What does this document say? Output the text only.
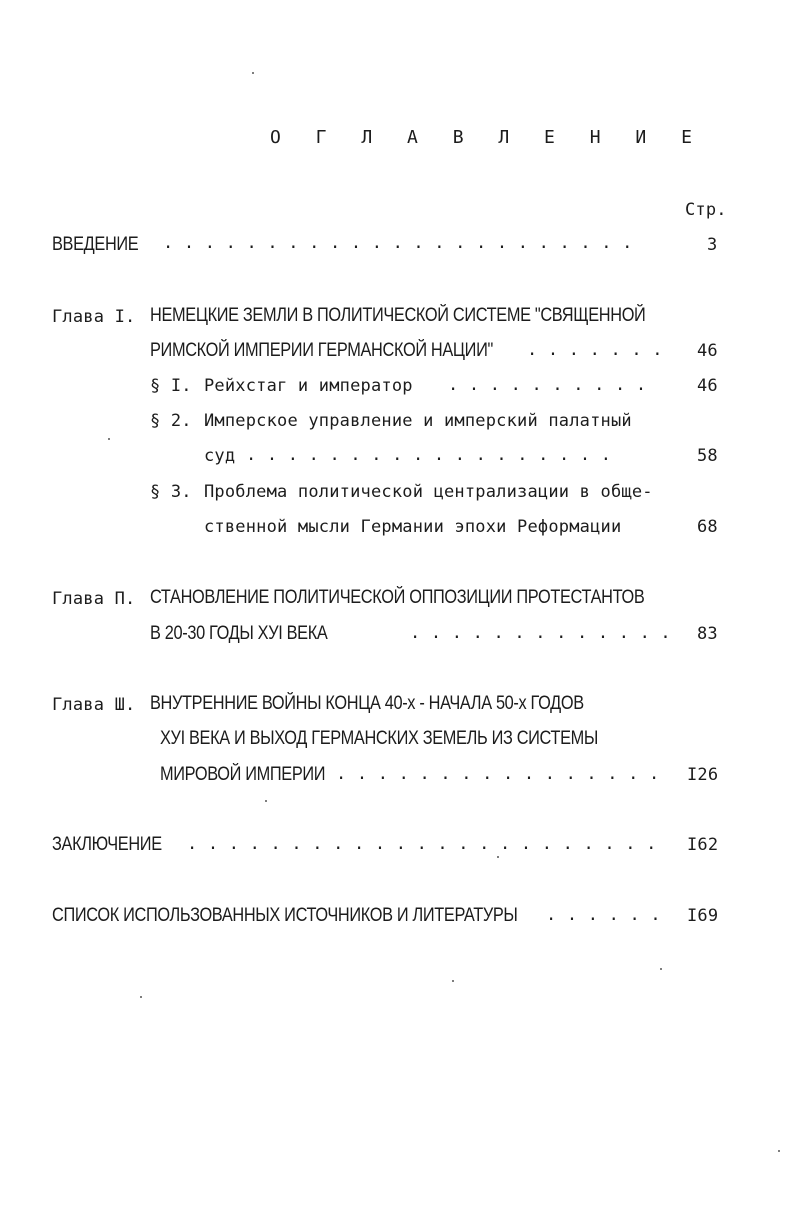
О Г Л А В Л Е Н И Е
Стр.
ВВЕДЕНИЕ . . . . . . . . . . . . . . . . . . . . . . .	3
Глава I. НЕМЕЦКИЕ ЗЕМЛИ В ПОЛИТИЧЕСКОЙ СИСТЕМЕ "СВЯЩЕННОЙ
РИМСКОЙ ИМПЕРИИ ГЕРМАНСКОЙ НАЦИИ" . . . . . . . 46
§ I. Рейхстаг и император . . . . . . . . . .	46
§ 2. Имперское управление и имперский палатный
суд . . . . . . . . . . . . . . . . . .	58
§ 3. Проблема политической централизации в обще-
ственной мысли Германии эпохи Реформации	68
Глава П. СТАНОВЛЕНИЕ ПОЛИТИЧЕСКОЙ ОППОЗИЦИИ ПРОТЕСТАНТОВ
В 20-30 ГОДЫ ХУI ВЕКА	. . . . . . . . . . . . . 83
Глава Ш. ВНУТРЕННИЕ ВОЙНЫ КОНЦА 40-х - НАЧАЛА 50-х ГОДОВ
ХУI ВЕКА И ВЫХОД ГЕРМАНСКИХ ЗЕМЕЛЬ ИЗ СИСТЕМЫ
МИРОВОЙ ИМПЕРИИ . . . . . . . . . . . . . . . . I26
ЗАКЛЮЧЕНИЕ . . . . . . . . . . . . . . . . . . . . . . . I62
СПИСОК ИСПОЛЬЗОВАННЫХ ИСТОЧНИКОВ И ЛИТЕРАТУРЫ . . . . . . I69
